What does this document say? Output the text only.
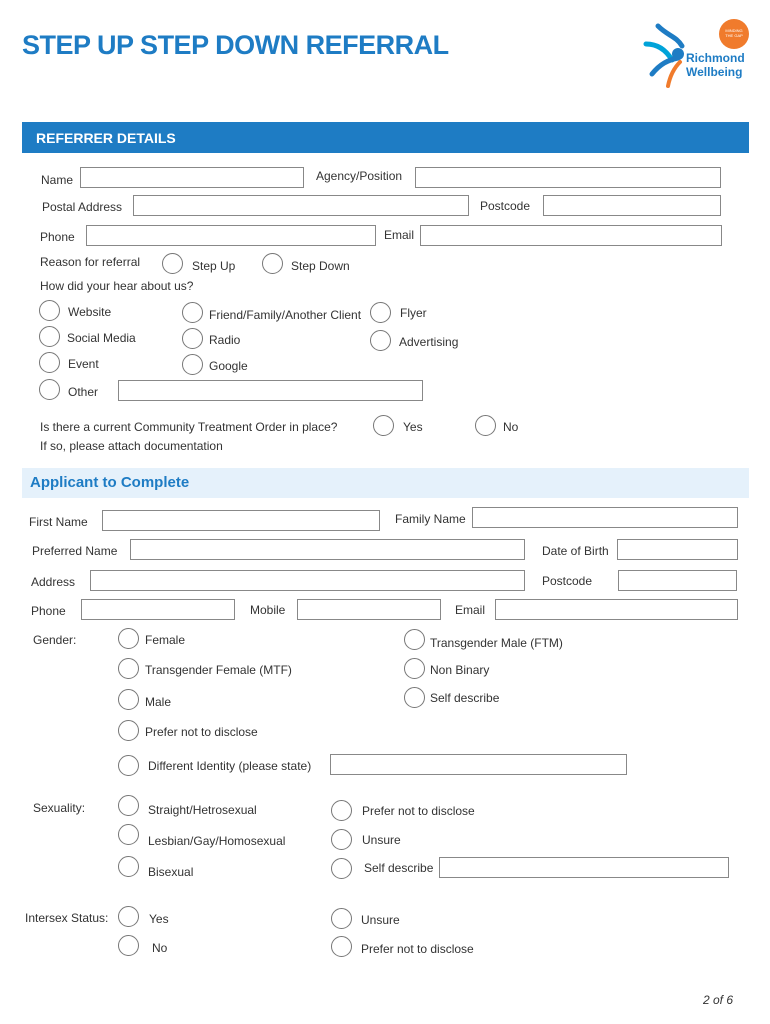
STEP UP STEP DOWN REFERRAL	MINDING
THE GAP
Richmond
Wellbeing
REFERRER DETAILS
Name	Agency/Position
Postal Address	Postcode
Phone	Email
Reason for referral	Step Up	Step Down
How did your hear about us?
Website
Social Media
Event
Other
Friend/Family/Another Client
Radio
Google
Flyer
Advertising
Is there a current Community Treatment Order in place?
If so, please attach documentation
Yes	No
Applicant to Complete
First Name	Family Name
Preferred Name	Date of Birth
Address	Postcode
Phone	Mobile	Email
Gender:	Female
Transgender Female (MTF)
Male
Prefer not to disclose
Different Identity (please state)
Transgender Male (FTM)
Non Binary
Self describe
Sexuality:	Straight/Hetrosexual
Lesbian/Gay/Homosexual
Bisexual
Prefer not to disclose
Unsure
Self describe
Intersex Status:	Yes
No
Unsure
Prefer not to disclose
2 of 6
